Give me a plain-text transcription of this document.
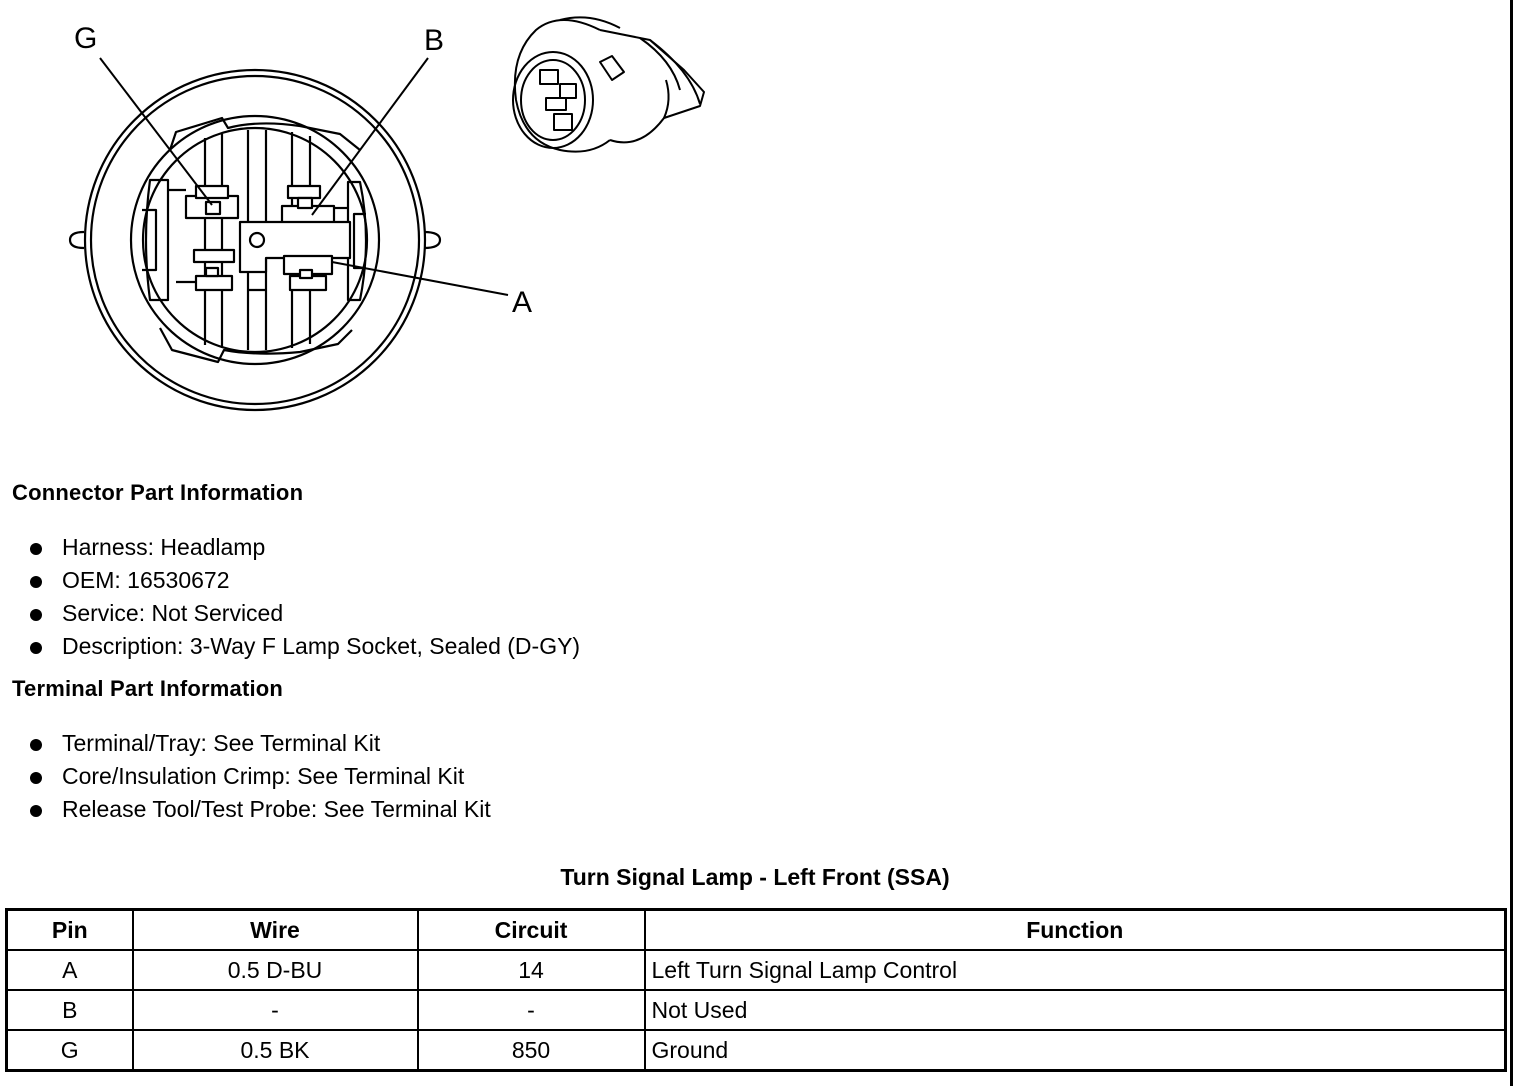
G	B
A
Connector Part Information
Harness: Headlamp
OEM: 16530672
Service: Not Serviced
Description: 3-Way F Lamp Socket, Sealed (D-GY)
Terminal Part Information
Terminal/Tray: See Terminal Kit
Core/Insulation Crimp: See Terminal Kit
Release Tool/Test Probe: See Terminal Kit
Turn Signal Lamp - Left Front (SSA)
Pin	Wire	Circuit	Function
A	0.5 D-BU	14	Left Turn Signal Lamp Control
B	-	-	Not Used
G	0.5 BK	850	Ground
